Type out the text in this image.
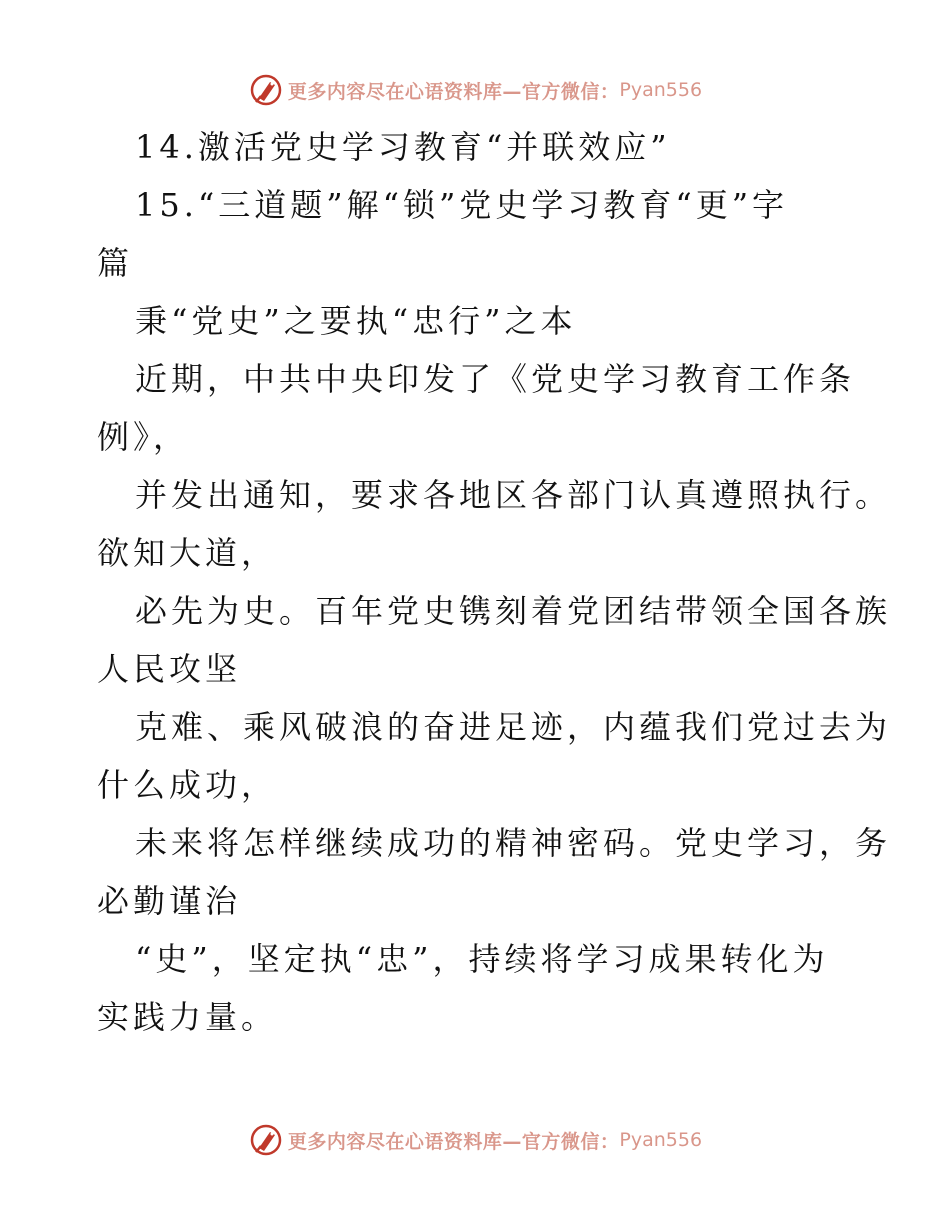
更多内容尽在心语资料库—官方微信： Pyan556
14.激活党史学习教育“并联效应”
15.“三道题”解“锁”党史学习教育“更”字
篇
秉“党史”之要执“忠行”之本
近期，中共中央印发了《党史学习教育工作条
例》，
并发出通知，要求各地区各部门认真遵照执行。
欲知大道，
必先为史。百年党史镌刻着党团结带领全国各族
人民攻坚
克难、乘风破浪的奋进足迹，内蕴我们党过去为
什么成功，
未来将怎样继续成功的精神密码。党史学习，务
必勤谨治
“史”，坚定执“忠”，持续将学习成果转化为
实践力量。
更多内容尽在心语资料库—官方微信： Pyan556
